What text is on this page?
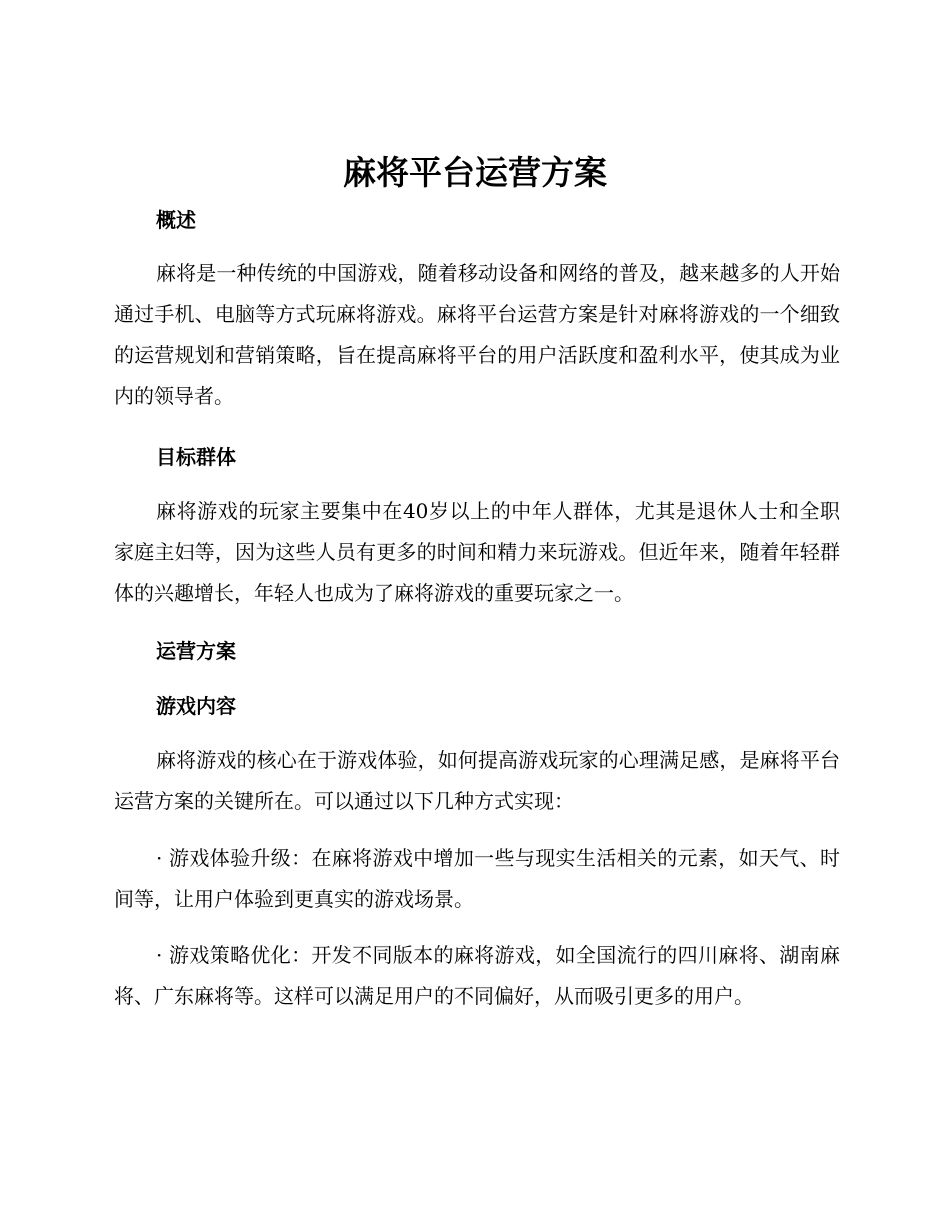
麻将平台运营方案
概述

麻将是一种传统的中国游戏，随着移动设备和网络的普及，越来越多的人开始通过手机、电脑等方式玩麻将游戏。麻将平台运营方案是针对麻将游戏的一个细致的运营规划和营销策略，旨在提高麻将平台的用户活跃度和盈利水平，使其成为业内的领导者。

目标群体

麻将游戏的玩家主要集中在40岁以上的中年人群体，尤其是退休人士和全职家庭主妇等，因为这些人员有更多的时间和精力来玩游戏。但近年来，随着年轻群体的兴趣增长，年轻人也成为了麻将游戏的重要玩家之一。

运营方案
游戏内容

麻将游戏的核心在于游戏体验，如何提高游戏玩家的心理满足感，是麻将平台运营方案的关键所在。可以通过以下几种方式实现：

· 游戏体验升级：在麻将游戏中增加一些与现实生活相关的元素，如天气、时间等，让用户体验到更真实的游戏场景。

· 游戏策略优化：开发不同版本的麻将游戏，如全国流行的四川麻将、湖南麻将、广东麻将等。这样可以满足用户的不同偏好，从而吸引更多的用户。
